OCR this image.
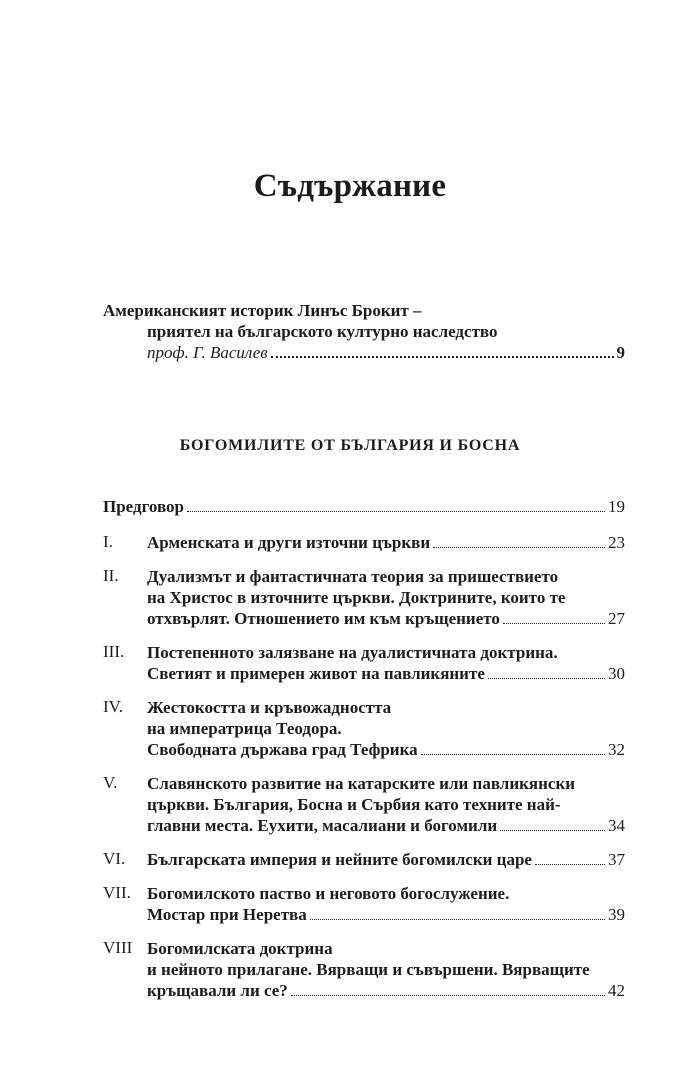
Съдържание
Американският историк Линъс Брокит –
приятел на българското културно наследство
проф. Г. Василев	9
БОГОМИЛИТЕ ОТ БЪЛГАРИЯ И БОСНА
Предговор	19
I.	Арменската и други източни църкви	23
II.	Дуализмът и фантастичната теория за пришествието
на Христос в източните църкви. Доктрините, които те
отхвърлят. Отношението им към кръщението	27
III.	Постепенното залязване на дуалистичната доктрина.
Светият и примерен живот на павликяните	30
IV.	Жестокостта и кръвожадността
на императрица Теодора.
Свободната държава град Тефрика	32
V.	Славянското развитие на катарските или павликянски
църкви. България, Босна и Сърбия като техните най-
главни места. Еухити, масалиани и богомили	34
VI.	Българската империя и нейните богомилски царе	37
VII. Богомилското паство и неговото богослужение.
Мостар при Неретва	39
VIII Богомилската доктрина
и нейното прилагане. Вярващи и съвършени. Вярващите
кръщавали ли се?	42
